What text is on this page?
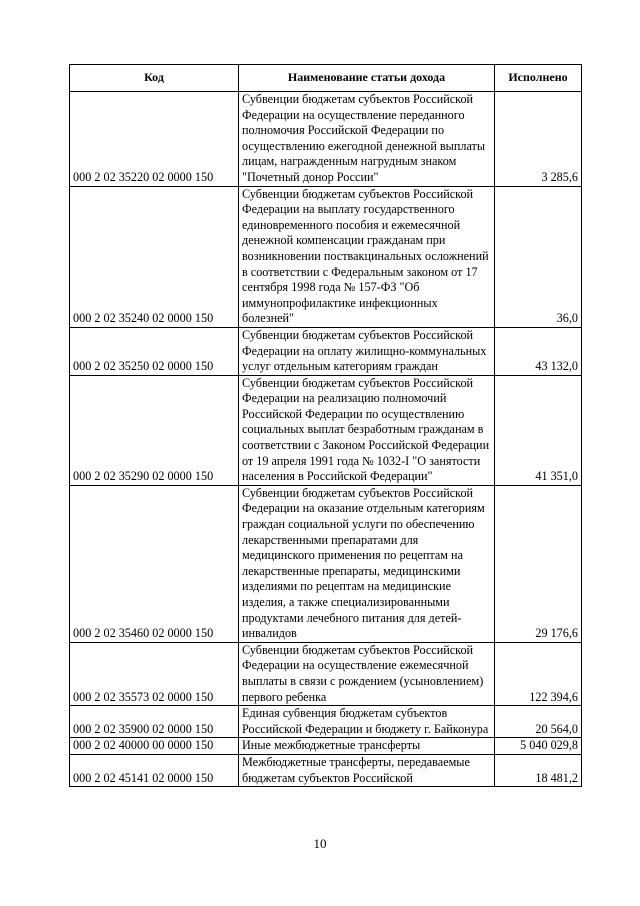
Код	Наименование статьи дохода	Исполнено
000 2 02 35220 02 0000 150	Субвенции бюджетам субъектов Российской Федерации на осуществление переданного полномочия Российской Федерации по осуществлению ежегодной денежной выплаты лицам, награжденным нагрудным знаком "Почетный донор России"	3 285,6
000 2 02 35240 02 0000 150	Субвенции бюджетам субъектов Российской Федерации на выплату государственного единовременного пособия и ежемесячной денежной компенсации гражданам при возникновении поствакцинальных осложнений в соответствии с Федеральным законом от 17 сентября 1998 года № 157-ФЗ "Об иммунопрофилактике инфекционных болезней"	36,0
000 2 02 35250 02 0000 150	Субвенции бюджетам субъектов Российской Федерации на оплату жилищно-коммунальных услуг отдельным категориям граждан	43 132,0
000 2 02 35290 02 0000 150	Субвенции бюджетам субъектов Российской Федерации на реализацию полномочий Российской Федерации по осуществлению социальных выплат безработным гражданам в соответствии с Законом Российской Федерации от 19 апреля 1991 года № 1032-I "О занятости населения в Российской Федерации"	41 351,0
000 2 02 35460 02 0000 150	Субвенции бюджетам субъектов Российской Федерации на оказание отдельным категориям граждан социальной услуги по обеспечению лекарственными препаратами для медицинского применения по рецептам на лекарственные препараты, медицинскими изделиями по рецептам на медицинские изделия, а также специализированными продуктами лечебного питания для детей-инвалидов	29 176,6
000 2 02 35573 02 0000 150	Субвенции бюджетам субъектов Российской Федерации на осуществление ежемесячной выплаты в связи с рождением (усыновлением) первого ребенка	122 394,6
000 2 02 35900 02 0000 150	Единая субвенция бюджетам субъектов Российской Федерации и бюджету г. Байконура	20 564,0
000 2 02 40000 00 0000 150	Иные межбюджетные трансферты	5 040 029,8
000 2 02 45141 02 0000 150	Межбюджетные трансферты, передаваемые бюджетам субъектов Российской	18 481,2
10
